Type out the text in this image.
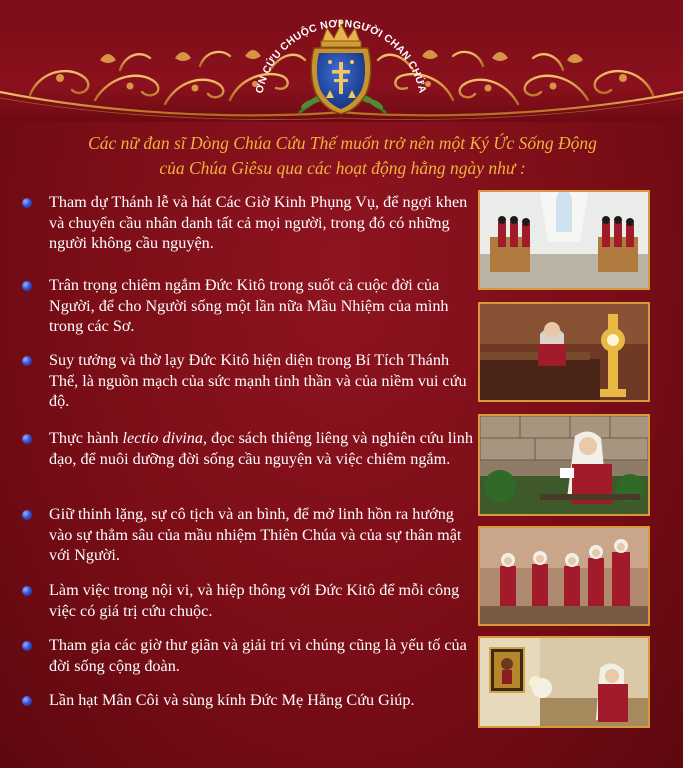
ƠN CỨU CHUỘC NƠI NGƯỜI CHAN CHỨA
Các nữ đan sĩ Dòng Chúa Cứu Thế muốn trở nên một Ký Ức Sống Động
của Chúa Giêsu qua các hoạt động hằng ngày như :
Tham dự Thánh lễ và hát Các Giờ Kinh Phụng Vụ, để ngợi khen và chuyển cầu nhân danh tất cả mọi người, trong đó có những người không cầu nguyện.
Trân trọng chiêm ngắm Đức Kitô trong suốt cả cuộc đời của Người, để cho Người sống một lần nữa Mầu Nhiệm của mình trong các Sơ.
Suy tưởng và thờ lạy Đức Kitô hiện diện trong Bí Tích Thánh Thể, là nguồn mạch của sức mạnh tinh thần và của niềm vui cứu độ.
Thực hành lectio divina, đọc sách thiêng liêng và nghiên cứu linh đạo, để nuôi dưỡng đời sống cầu nguyện và việc chiêm ngắm.
Giữ thinh lặng, sự cô tịch và an bình, để mở linh hồn ra hướng vào sự thẳm sâu của mầu nhiệm Thiên Chúa và của sự thân mật với Người.
Làm việc trong nội vi, và hiệp thông với Đức Kitô để mỗi công việc có giá trị cứu chuộc.
Tham gia các giờ thư giãn và giải trí vì chúng cũng là yếu tố của đời sống cộng đoàn.
Lần hạt Mân Côi và sùng kính Đức Mẹ Hằng Cứu Giúp.
